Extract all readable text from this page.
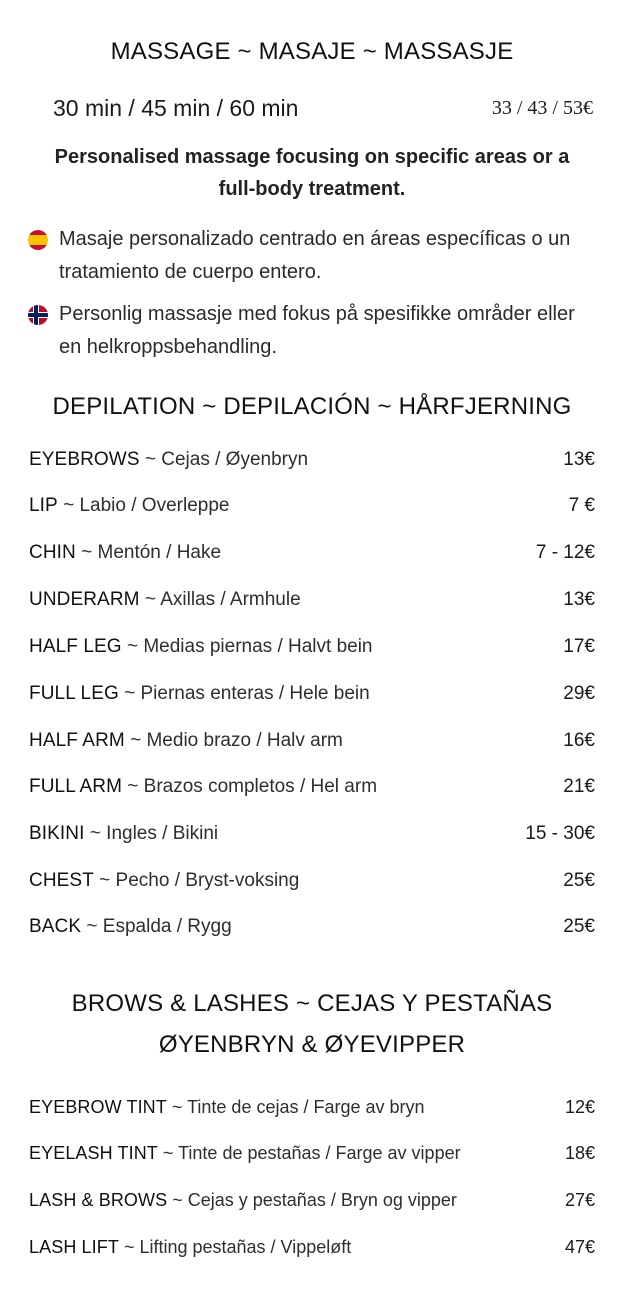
MASSAGE ~ MASAJE ~ MASSASJE
30 min / 45 min / 60 min	33 / 43 / 53€
Personalised massage focusing on specific areas or a full-body treatment.
Masaje personalizado centrado en áreas específicas o un tratamiento de cuerpo entero.
Personlig massasje med fokus på spesifikke områder eller en helkroppsbehandling.
DEPILATION ~ DEPILACIÓN ~ HÅRFJERNING
EYEBROWS ~ Cejas / Øyenbryn	13€
LIP ~ Labio / Overleppe	7 €
CHIN ~ Mentón / Hake	7 - 12€
UNDERARM ~ Axillas / Armhule	13€
HALF LEG ~ Medias piernas / Halvt bein	17€
FULL LEG ~ Piernas enteras / Hele bein	29€
HALF ARM ~ Medio brazo / Halv arm	16€
FULL ARM ~ Brazos completos / Hel arm	21€
BIKINI ~ Ingles / Bikini	15 - 30€
CHEST ~ Pecho / Bryst-voksing	25€
BACK ~ Espalda / Rygg	25€
BROWS & LASHES ~ CEJAS Y PESTAÑAS
ØYENBRYN & ØYEVIPPER
EYEBROW TINT ~ Tinte de cejas / Farge av bryn	12€
EYELASH TINT ~ Tinte de pestañas / Farge av vipper	18€
LASH & BROWS ~ Cejas y pestañas / Bryn og vipper	27€
LASH LIFT ~ Lifting pestañas / Vippeløft	47€
